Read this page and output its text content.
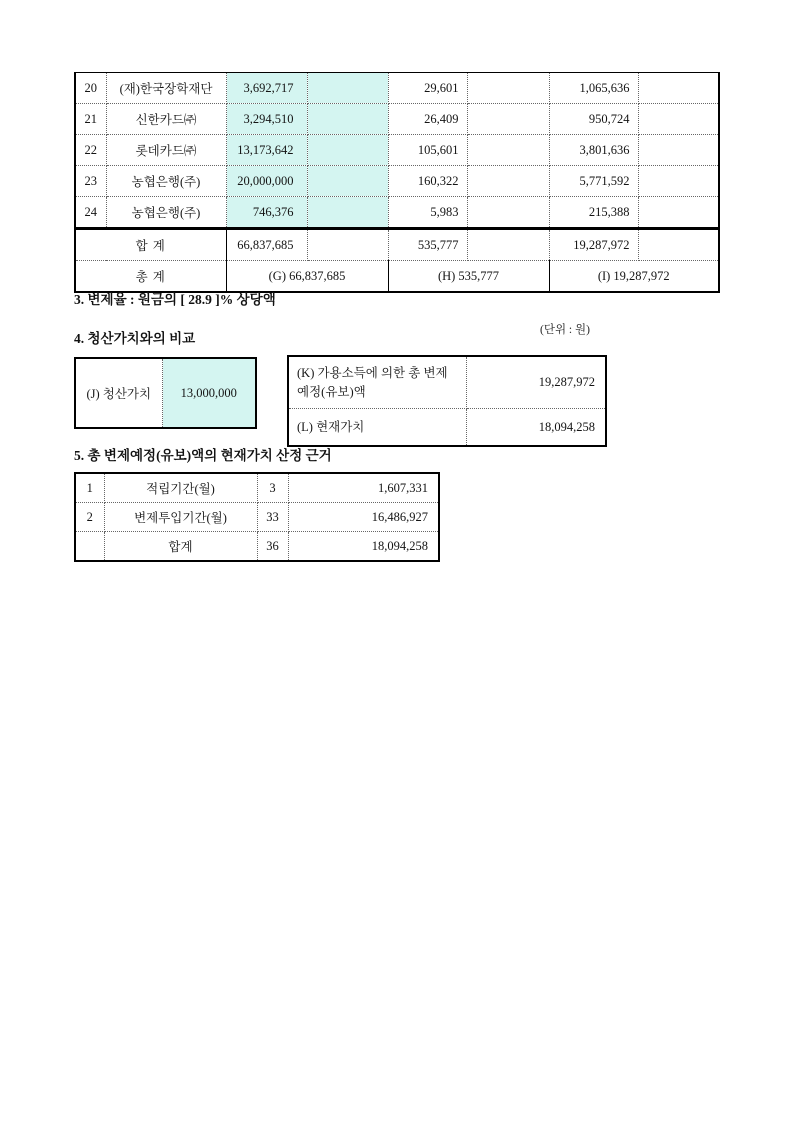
20	(재)한국장학재단	3,692,717		29,601		1,065,636	
21	신한카드㈜	3,294,510		26,409		950,724	
22	롯데카드㈜	13,173,642		105,601		3,801,636	
23	농협은행(주)	20,000,000		160,322		5,771,592	
24	농협은행(주)	746,376		5,983		215,388	
합 계		66,837,685		535,777		19,287,972	
총 계		(G) 66,837,685		(H) 535,777		(I) 19,287,972	
3. 변제율 : 원금의 [ 28.9 ]% 상당액
4. 청산가치와의 비교
(단위 : 원)
(J) 청산가치	13,000,000
(K) 가용소득에 의한 총 변제 예정(유보)액	19,287,972
(L) 현재가치	18,094,258
5. 총 변제예정(유보)액의 현재가치 산정 근거
1	적립기간(월)	3	1,607,331
2	변제투입기간(월)	33	16,486,927
	합계	36	18,094,258
